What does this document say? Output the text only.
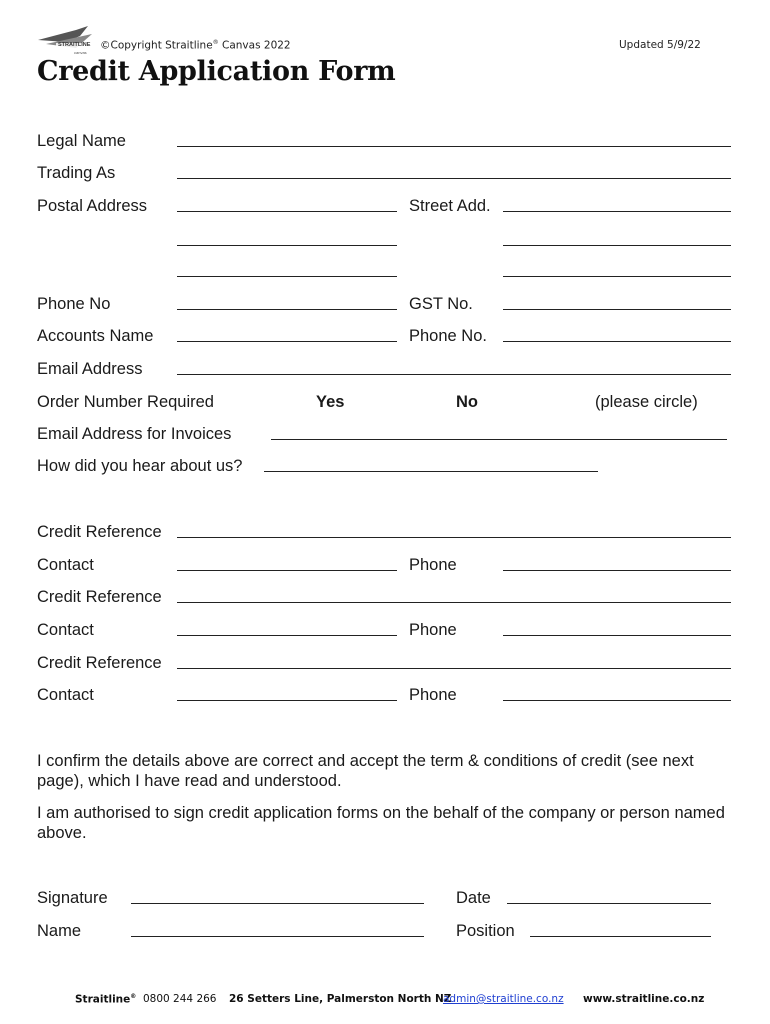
STRAITLINE
canvas
©Copyright Straitline® Canvas 2022	Updated 5/9/22
Credit Application Form
Legal Name
Trading As
Postal Address	Street Add.
Phone No	GST No.
Accounts Name	Phone No.
Email Address
Order Number Required	Yes	No	(please circle)
Email Address for Invoices
How did you hear about us?
Credit Reference
Contact	Phone
Credit Reference
Contact	Phone
Credit Reference
Contact	Phone
I confirm the details above are correct and accept the term & conditions of credit (see next page), which I have read and understood.
I am authorised to sign credit application forms on the behalf of the company or person named above.
Signature	Date
Name	Position
Straitline® 0800 244 266 26 Setters Line, Palmerston North NZ
admin@straitline.co.nz www.straitline.co.nz
